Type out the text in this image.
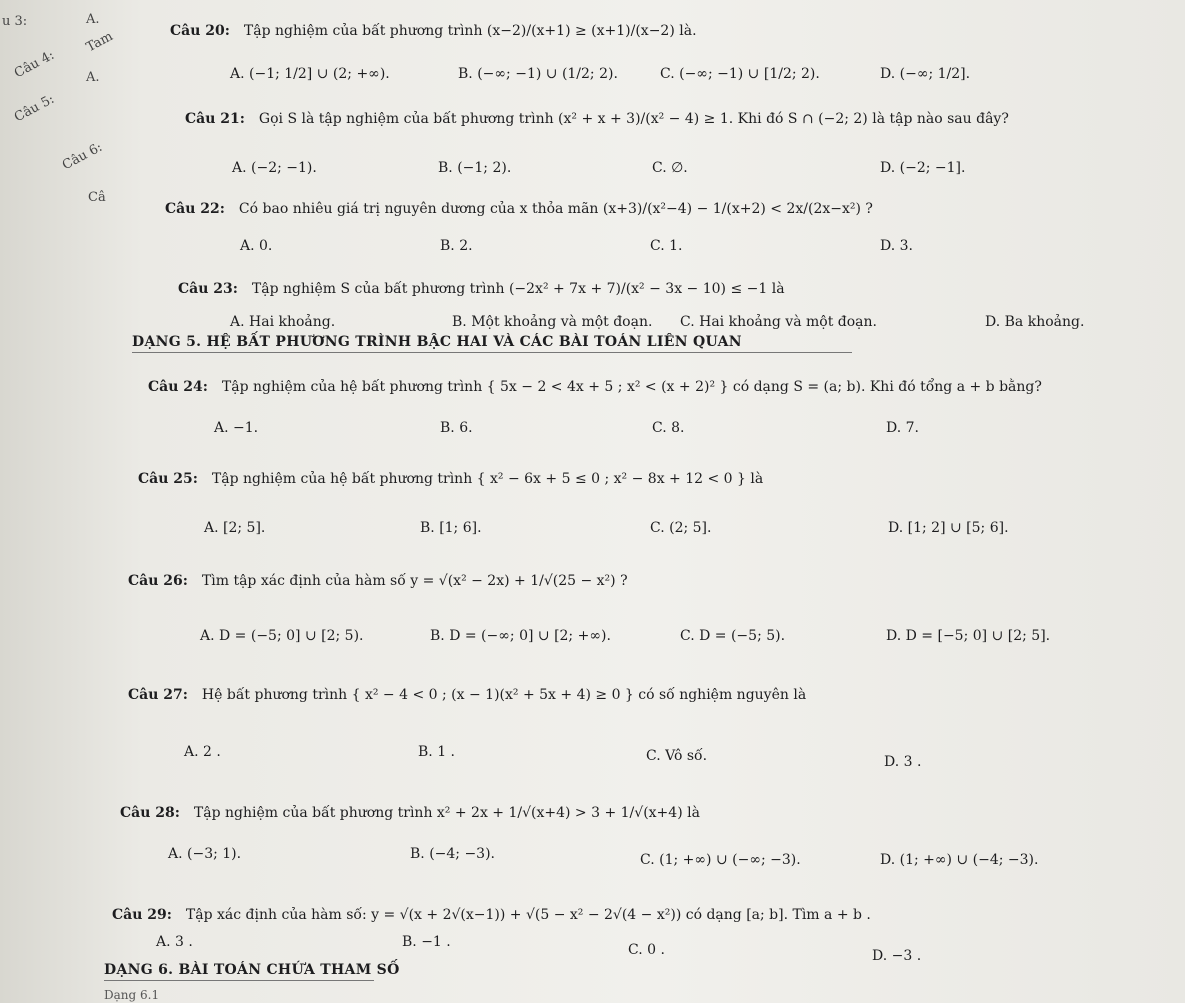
u 3:	A.
Tam
Câu 4: A.
Câu 5:
Câu 6:
Câ
Câu 20: Tập nghiệm của bất phương trình (x−2)/(x+1) ≥ (x+1)/(x−2) là.
A. (−1; 1/2] ∪ (2; +∞).	B. (−∞; −1) ∪ (1/2; 2).	C. (−∞; −1) ∪ [1/2; 2).	D. (−∞; 1/2].
Câu 21: Gọi S là tập nghiệm của bất phương trình (x² + x + 3)/(x² − 4) ≥ 1. Khi đó S ∩ (−2; 2) là tập nào sau đây?
A. (−2; −1).	B. (−1; 2).	C. ∅.	D. (−2; −1].
Câu 22: Có bao nhiêu giá trị nguyên dương của x thỏa mãn (x+3)/(x²−4) − 1/(x+2) < 2x/(2x−x²) ?
A. 0.	B. 2.	C. 1.	D. 3.
Câu 23: Tập nghiệm S của bất phương trình (−2x² + 7x + 7)/(x² − 3x − 10) ≤ −1 là
A. Hai khoảng.	B. Một khoảng và một đoạn. C. Hai khoảng và một đoạn.	D. Ba khoảng.
DẠNG 5. HỆ BẤT PHƯƠNG TRÌNH BẬC HAI VÀ CÁC BÀI TOÁN LIÊN QUAN
Câu 24: Tập nghiệm của hệ bất phương trình { 5x − 2 < 4x + 5 ; x² < (x + 2)² } có dạng S = (a; b). Khi đó tổng a + b bằng?
A. −1.	B. 6.	C. 8.	D. 7.
Câu 25: Tập nghiệm của hệ bất phương trình { x² − 6x + 5 ≤ 0 ; x² − 8x + 12 < 0 } là
A. [2; 5].	B. [1; 6].	C. (2; 5].	D. [1; 2] ∪ [5; 6].
Câu 26: Tìm tập xác định của hàm số y = √(x² − 2x) + 1/√(25 − x²) ?
A. D = (−5; 0] ∪ [2; 5).	B. D = (−∞; 0] ∪ [2; +∞).	C. D = (−5; 5).	D. D = [−5; 0] ∪ [2; 5].
Câu 27: Hệ bất phương trình { x² − 4 < 0 ; (x − 1)(x² + 5x + 4) ≥ 0 } có số nghiệm nguyên là
A. 2 .	B. 1 .	C. Vô số.	D. 3 .
Câu 28: Tập nghiệm của bất phương trình x² + 2x + 1/√(x+4) > 3 + 1/√(x+4) là
A. (−3; 1).	B. (−4; −3).	C. (1; +∞) ∪ (−∞; −3).	D. (1; +∞) ∪ (−4; −3).
Câu 29: Tập xác định của hàm số: y = √(x + 2√(x−1)) + √(5 − x² − 2√(4 − x²)) có dạng [a; b]. Tìm a + b .
A. 3 .	B. −1 .	C. 0 .	D. −3 .
DẠNG 6. BÀI TOÁN CHỨA THAM SỐ
Dạng 6.1
